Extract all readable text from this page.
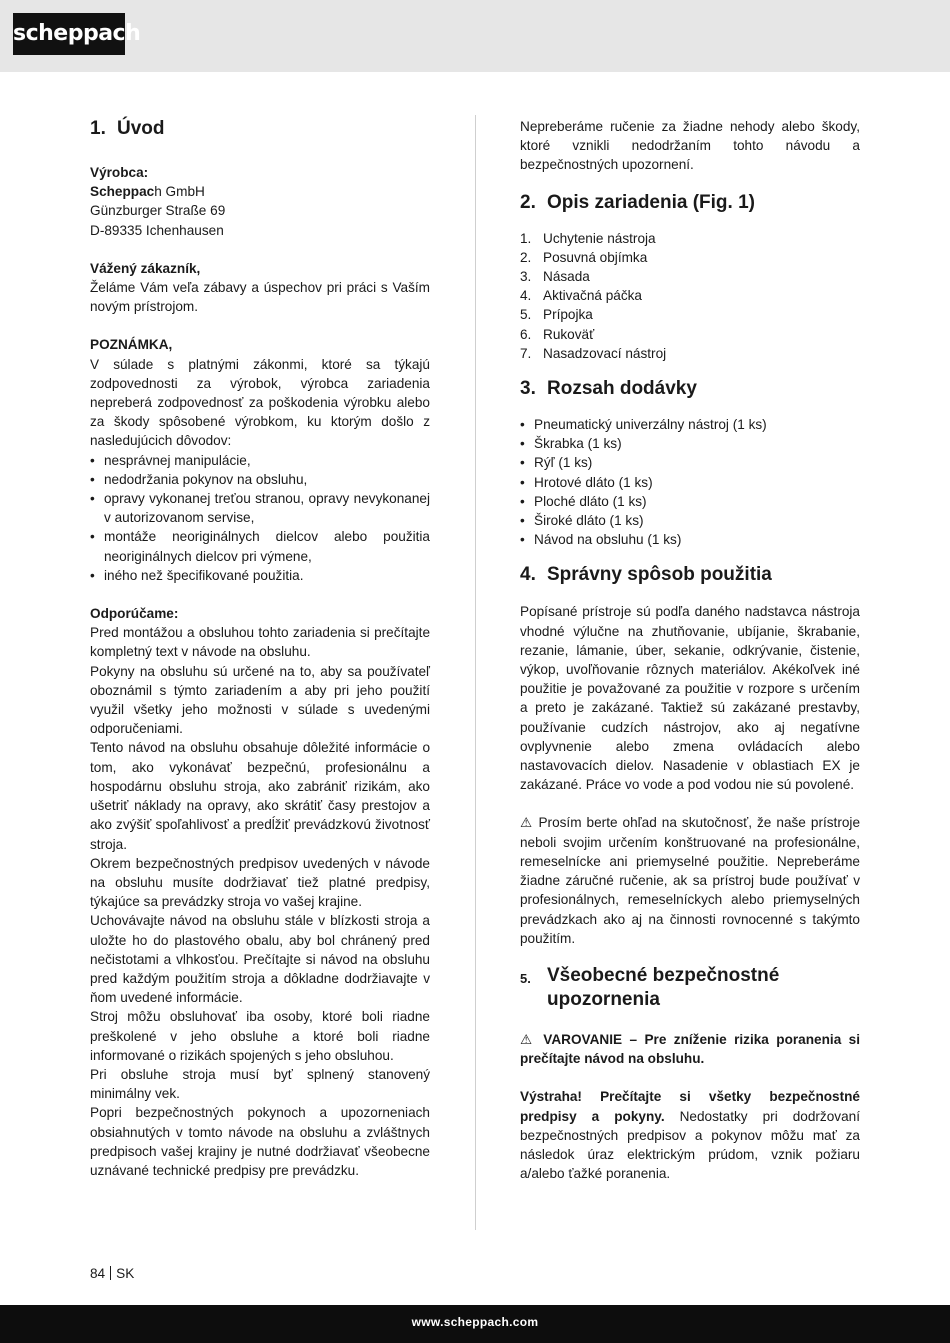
scheppach
1. Úvod

Výrobca:

Scheppach GmbH

Günzburger Straße 69

D-89335 Ichenhausen

Vážený zákazník,

Želáme Vám veľa zábavy a úspechov pri práci s Vaším novým prístrojom.

POZNÁMKA,

V súlade s platnými zákonmi, ktoré sa týkajú zodpovednosti za výrobok, výrobca zariadenia nepreberá zodpovednosť za poškodenia výrobku alebo za škody spôsobené výrobkom, ku ktorým došlo z nasledujúcich dôvodov:

• nesprávnej manipulácie,
• nedodržania pokynov na obsluhu,
• opravy vykonanej treťou stranou, opravy nevykonanej v autorizovanom servise,
• montáže neoriginálnych dielcov alebo použitia neoriginálnych dielcov pri výmene,
• iného než špecifikované použitia.

Odporúčame:

Pred montážou a obsluhou tohto zariadenia si prečítajte kompletný text v návode na obsluhu.

Pokyny na obsluhu sú určené na to, aby sa používateľ oboznámil s týmto zariadením a aby pri jeho použití využil všetky jeho možnosti v súlade s uvedenými odporučeniami.

Tento návod na obsluhu obsahuje dôležité informácie o tom, ako vykonávať bezpečnú, profesionálnu a hospodárnu obsluhu stroja, ako zabrániť rizikám, ako ušetriť náklady na opravy, ako skrátiť časy prestojov a ako zvýšiť spoľahlivosť a predĺžiť prevádzkovú životnosť stroja.

Okrem bezpečnostných predpisov uvedených v návode na obsluhu musíte dodržiavať tiež platné predpisy, týkajúce sa prevádzky stroja vo vašej krajine.

Uchovávajte návod na obsluhu stále v blízkosti stroja a uložte ho do plastového obalu, aby bol chránený pred nečistotami a vlhkosťou. Prečítajte si návod na obsluhu pred každým použitím stroja a dôkladne dodržiavajte v ňom uvedené informácie.

Stroj môžu obsluhovať iba osoby, ktoré boli riadne preškolené v jeho obsluhe a ktoré boli riadne informované o rizikách spojených s jeho obsluhou.

Pri obsluhe stroja musí byť splnený stanovený minimálny vek.

Popri bezpečnostných pokynoch a upozorneniach obsiahnutých v tomto návode na obsluhu a zvláštnych predpisoch vašej krajiny je nutné dodržiavať všeobecne uznávané technické predpisy pre prevádzku.

Nepreberáme ručenie za žiadne nehody alebo škody, ktoré vznikli nedodržaním tohto návodu a bezpečnostných upozornení.

2. Opis zariadenia (Fig. 1)
1. Uchytenie nástroja
2. Posuvná objímka
3. Násada
4. Aktivačná páčka
5. Prípojka
6. Rukoväť
7. Nasadzovací nástroj
3. Rozsah dodávky
• Pneumatický univerzálny nástroj (1 ks)
• Škrabka (1 ks)
• Rýľ (1 ks)
• Hrotové dláto (1 ks)
• Ploché dláto (1 ks)
• Široké dláto (1 ks)
• Návod na obsluhu (1 ks)
4. Správny spôsob použitia

Popísané prístroje sú podľa daného nadstavca nástroja vhodné výlučne na zhutňovanie, ubíjanie, škrabanie, rezanie, lámanie, úber, sekanie, odkrývanie, čistenie, výkop, uvoľňovanie rôznych materiálov. Akékoľvek iné použitie je považované za použitie v rozpore s určením a preto je zakázané. Taktiež sú zakázané prestavby, používanie cudzích nástrojov, ako aj negatívne ovplyvnenie alebo zmena ovládacích alebo nastavovacích dielov. Nasadenie v oblastiach EX je zakázané. Práce vo vode a pod vodou nie sú povolené.

⚠ Prosím berte ohľad na skutočnosť, že naše prístroje neboli svojim určením konštruované na profesionálne, remeselnícke ani priemyselné použitie. Nepreberáme žiadne záručné ručenie, ak sa prístroj bude používať v profesionálnych, remeselníckych alebo priemyselných prevádzkach ako aj na činnosti rovnocenné s takýmto použitím.

5. Všeobecné bezpečnostné
upozornenia

⚠ VAROVANIE – Pre zníženie rizika poranenia si prečítajte návod na obsluhu.

Výstraha! Prečítajte si všetky bezpečnostné predpisy a pokyny. Nedostatky pri dodržovaní bezpečnostných predpisov a pokynov môžu mať za následok úraz elektrickým prúdom, vznik požiaru a/alebo ťažké poranenia.

84 SK
www.scheppach.com
